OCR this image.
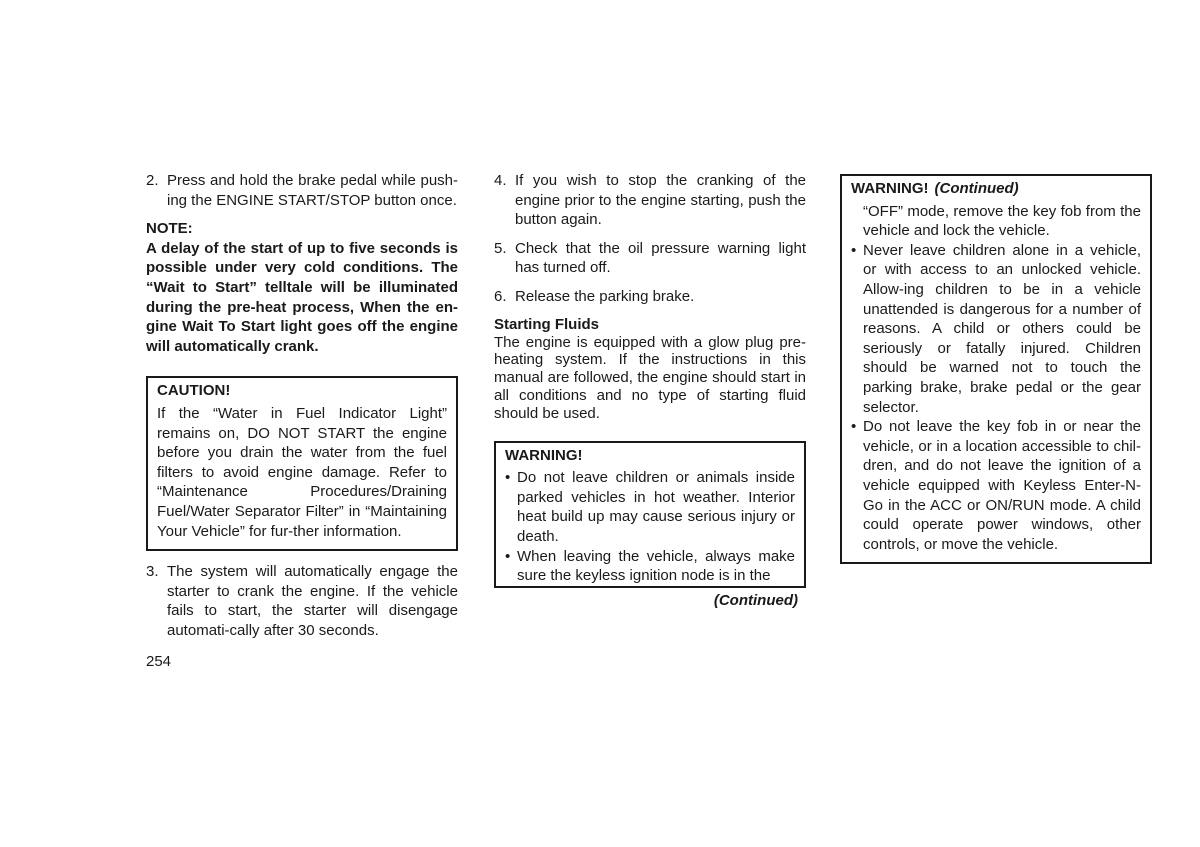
2. Press and hold the brake pedal while push-ing the ENGINE START/STOP button once.

NOTE:

A delay of the start of up to five seconds is possible under very cold conditions. The “Wait to Start” telltale will be illuminated during the pre-heat process, When the en-gine Wait To Start light goes off the engine will automatically crank.

CAUTION!

If the “Water in Fuel Indicator Light” remains on, DO NOT START the engine before you drain the water from the fuel filters to avoid engine damage. Refer to “Maintenance Procedures/Draining Fuel/Water Separator Filter” in “Maintaining Your Vehicle” for fur-ther information.

3. The system will automatically engage the starter to crank the engine. If the vehicle fails to start, the starter will disengage automati-cally after 30 seconds.

4. If you wish to stop the cranking of the engine prior to the engine starting, push the button again.

5. Check that the oil pressure warning light has turned off.

6. Release the parking brake.

Starting Fluids

The engine is equipped with a glow plug pre-heating system. If the instructions in this manual are followed, the engine should start in all conditions and no type of starting fluid should be used.

WARNING!
• Do not leave children or animals inside parked vehicles in hot weather. Interior heat build up may cause serious injury or death.

• When leaving the vehicle, always make sure the keyless ignition node is in the

(Continued)
WARNING! (Continued)

“OFF” mode, remove the key fob from the vehicle and lock the vehicle.

• Never leave children alone in a vehicle, or with access to an unlocked vehicle. Allow-ing children to be in a vehicle unattended is dangerous for a number of reasons. A child or others could be seriously or fatally injured. Children should be warned not to touch the parking brake, brake pedal or the gear selector.

• Do not leave the key fob in or near the vehicle, or in a location accessible to chil-dren, and do not leave the ignition of a vehicle equipped with Keyless Enter-N-Go in the ACC or ON/RUN mode. A child could operate power windows, other controls, or move the vehicle.

254
